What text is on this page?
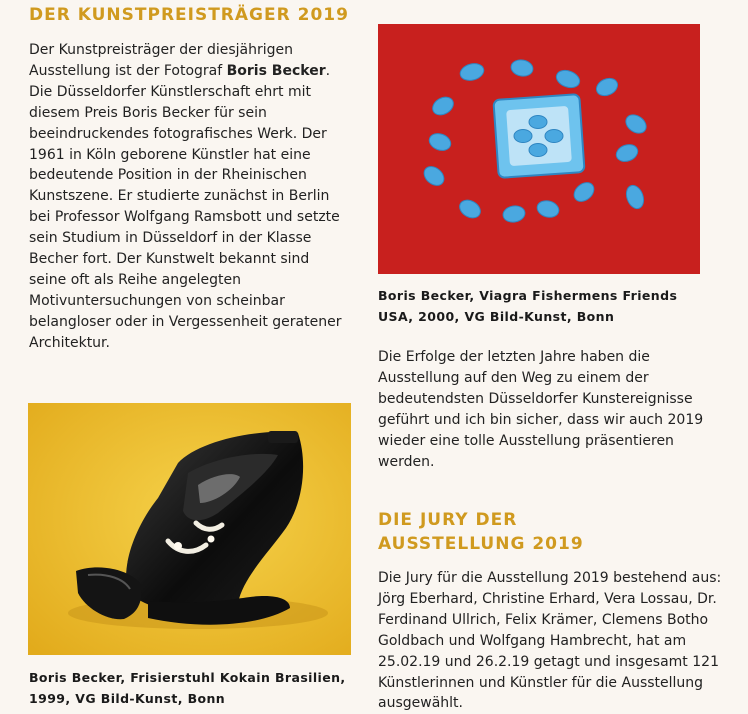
DER KUNSTPREISTRÄGER 2019
Der Kunstpreisträger der diesjährigen Ausstellung ist der Fotograf Boris Becker. Die Düsseldorfer Künstlerschaft ehrt mit diesem Preis Boris Becker für sein beeindruckendes fotografisches Werk. Der 1961 in Köln geborene Künstler hat eine bedeutende Position in der Rheinischen Kunstszene. Er studierte zunächst in Berlin bei Professor Wolfgang Ramsbott und setzte sein Studium in Düsseldorf in der Klasse Becher fort. Der Kunstwelt bekannt sind seine oft als Reihe angelegten Motivuntersuchungen von scheinbar belangloser oder in Vergessenheit geratener Architektur.

Boris Becker, Frisierstuhl Kokain Brasilien, 1999, VG Bild-Kunst, Bonn

Boris Becker, Viagra Fishermens Friends USA, 2000, VG Bild-Kunst, Bonn

Die Erfolge der letzten Jahre haben die Ausstellung auf den Weg zu einem der bedeutendsten Düsseldorfer Kunstereignisse geführt und ich bin sicher, dass wir auch 2019 wieder eine tolle Ausstellung präsentieren werden.

DIE JURY DER AUSSTELLUNG 2019

Die Jury für die Ausstellung 2019 bestehend aus: Jörg Eberhard, Christine Erhard, Vera Lossau, Dr. Ferdinand Ullrich, Felix Krämer, Clemens Botho Goldbach und Wolfgang Hambrecht, hat am 25.02.19 und 26.2.19 getagt und insgesamt 121 Künstlerinnen und Künstler für die Ausstellung ausgewählt.
